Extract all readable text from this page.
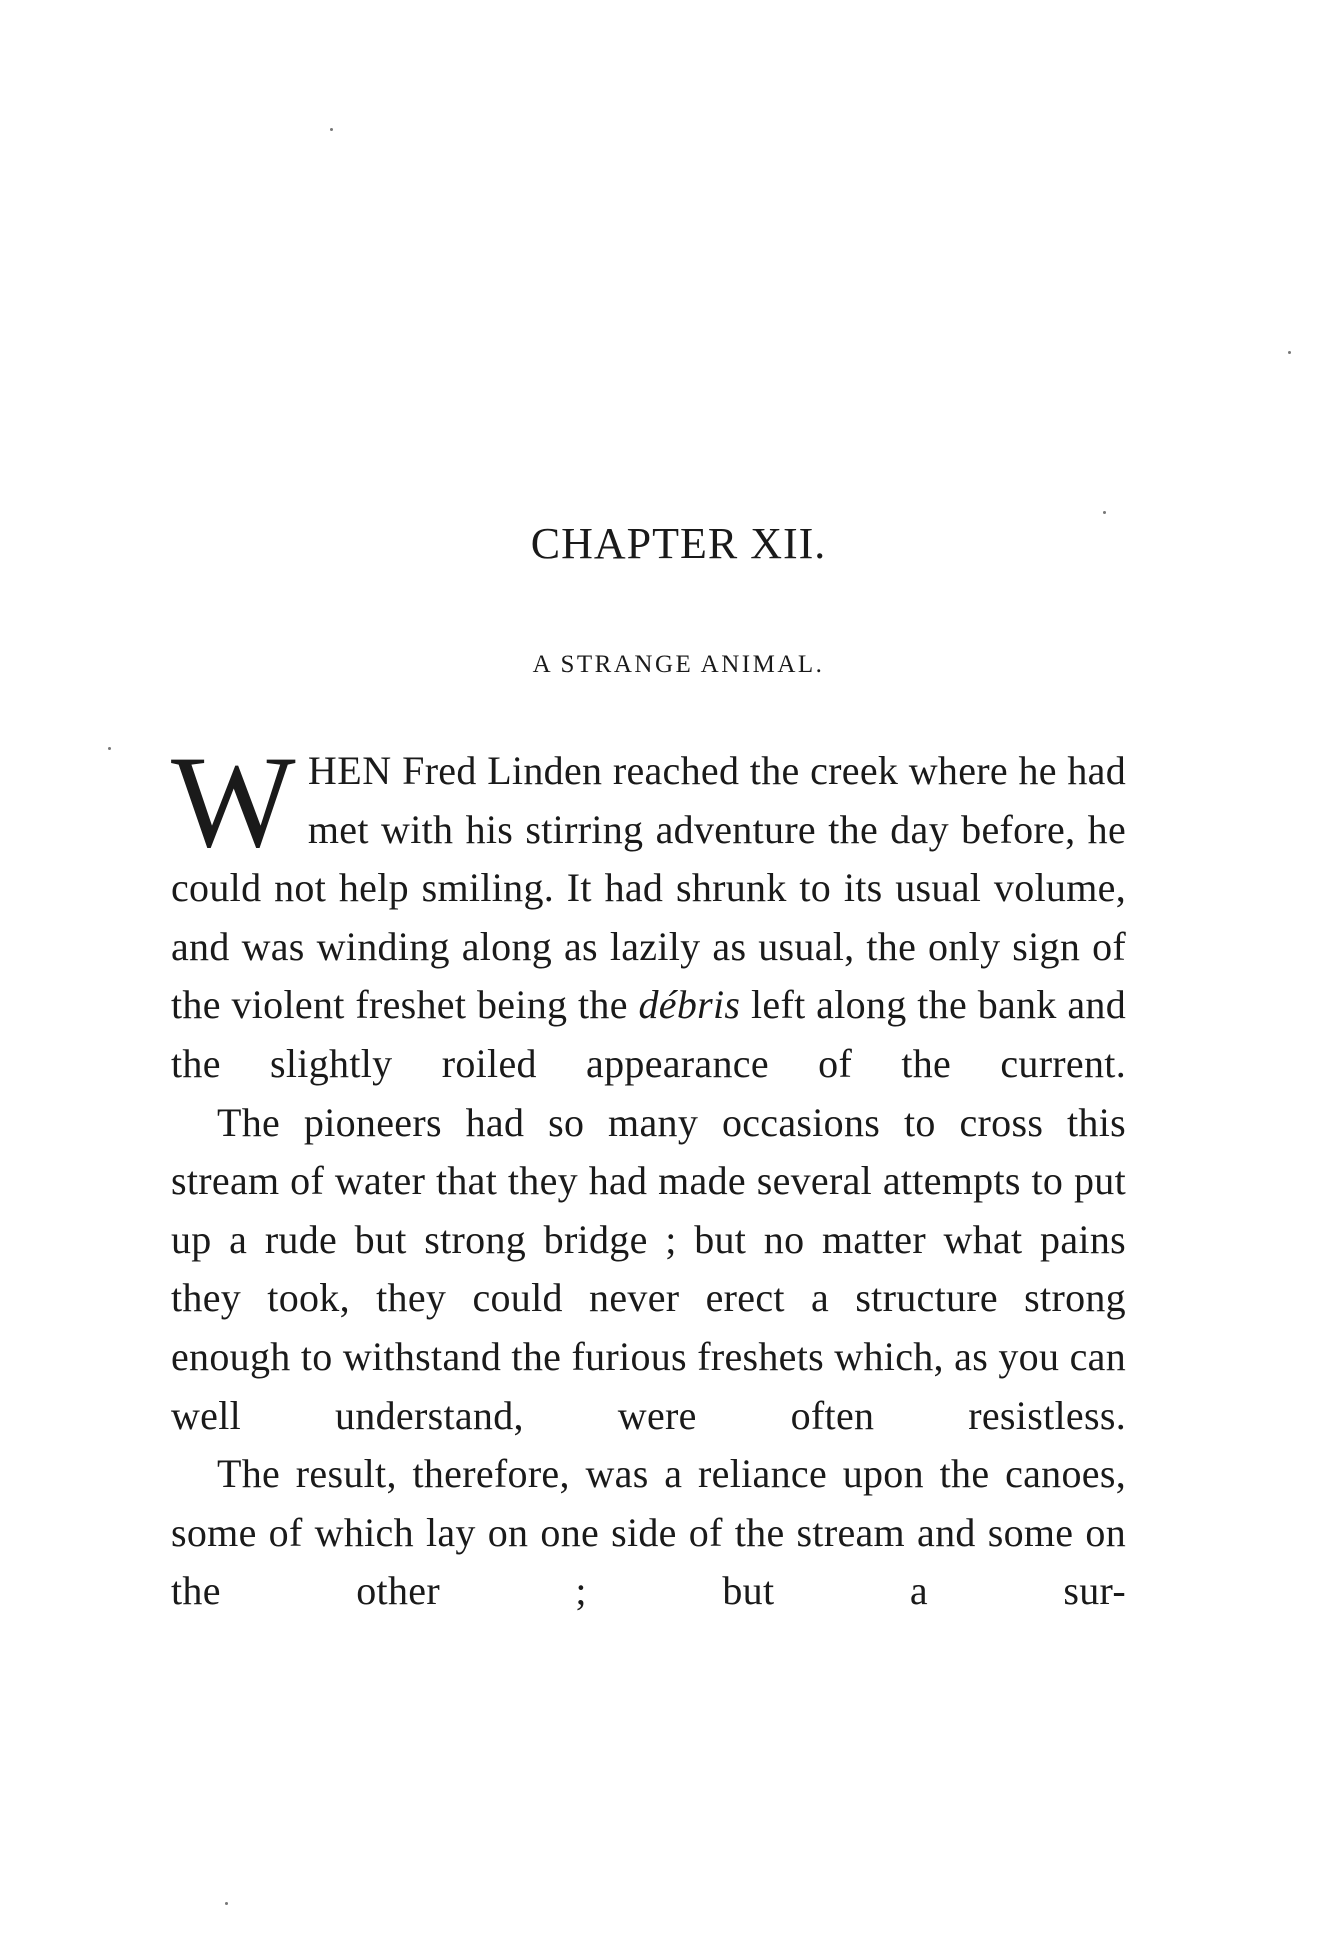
CHAPTER XII.
A STRANGE ANIMAL.

WHEN Fred Linden reached the creek where he had met with his stirring adventure the day before, he could not help smiling. It had shrunk to its usual volume, and was winding along as lazily as usual, the only sign of the violent freshet being the débris left along the bank and the slightly roiled appearance of the current.

The pioneers had so many occasions to cross this stream of water that they had made several attempts to put up a rude but strong bridge ; but no matter what pains they took, they could never erect a structure strong enough to withstand the furious freshets which, as you can well understand, were often resistless.

The result, therefore, was a reliance upon the canoes, some of which lay on one side of the stream and some on the other ; but a sur-
